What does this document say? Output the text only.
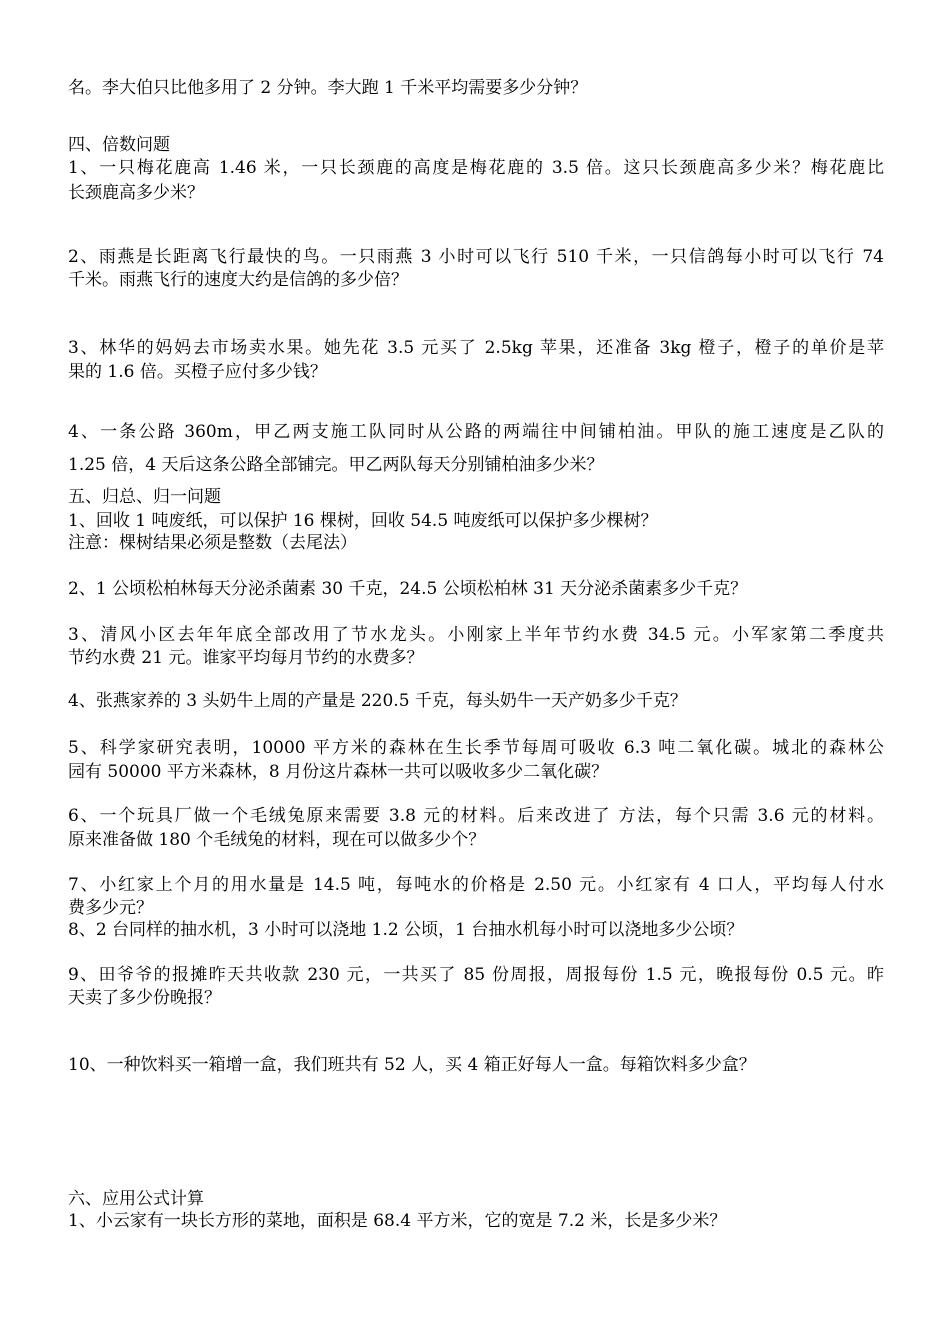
名。李大伯只比他多用了 2 分钟。李大跑 1 千米平均需要多少分钟？
四、倍数问题
1、一只梅花鹿高 1.46 米，一只长颈鹿的高度是梅花鹿的 3.5 倍。这只长颈鹿高多少米？梅花鹿比
长颈鹿高多少米？
2、雨燕是长距离飞行最快的鸟。一只雨燕 3 小时可以飞行 510 千米，一只信鸽每小时可以飞行 74
千米。雨燕飞行的速度大约是信鸽的多少倍？
3、林华的妈妈去市场卖水果。她先花 3.5 元买了 2.5kg 苹果，还准备 3kg 橙子，橙子的单价是苹
果的 1.6 倍。买橙子应付多少钱？
4、一条公路 360m，甲乙两支施工队同时从公路的两端往中间铺柏油。甲队的施工速度是乙队的
1.25 倍，4 天后这条公路全部铺完。甲乙两队每天分别铺柏油多少米？
五、归总、归一问题
1、回收 1 吨废纸，可以保护 16 棵树，回收 54.5 吨废纸可以保护多少棵树？
注意：棵树结果必须是整数（去尾法）
2、1 公顷松柏林每天分泌杀菌素 30 千克，24.5 公顷松柏林 31 天分泌杀菌素多少千克？
3、清风小区去年年底全部改用了节水龙头。小刚家上半年节约水费 34.5 元。小军家第二季度共
节约水费 21 元。谁家平均每月节约的水费多？
4、张燕家养的 3 头奶牛上周的产量是 220.5 千克，每头奶牛一天产奶多少千克？
5、科学家研究表明，10000 平方米的森林在生长季节每周可吸收 6.3 吨二氧化碳。城北的森林公
园有 50000 平方米森林，8 月份这片森林一共可以吸收多少二氧化碳？
6、一个玩具厂做一个毛绒兔原来需要 3.8 元的材料。后来改进了 方法，每个只需 3.6 元的材料。
原来准备做 180 个毛绒兔的材料，现在可以做多少个？
7、小红家上个月的用水量是 14.5 吨，每吨水的价格是 2.50 元。小红家有 4 口人，平均每人付水
费多少元？
8、2 台同样的抽水机，3 小时可以浇地 1.2 公顷，1 台抽水机每小时可以浇地多少公顷？
9、田爷爷的报摊昨天共收款 230 元，一共买了 85 份周报，周报每份 1.5 元，晚报每份 0.5 元。昨
天卖了多少份晚报？
10、一种饮料买一箱增一盒，我们班共有 52 人，买 4 箱正好每人一盒。每箱饮料多少盒？
六、应用公式计算
1、小云家有一块长方形的菜地，面积是 68.4 平方米，它的宽是 7.2 米，长是多少米？
